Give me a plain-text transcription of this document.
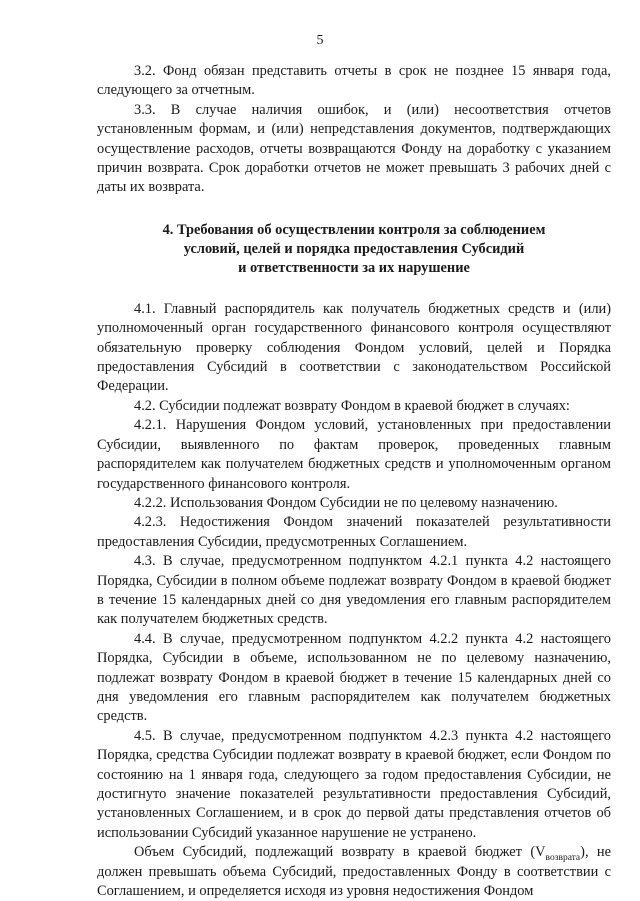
5

3.2. Фонд обязан представить отчеты в срок не позднее 15 января года, следующего за отчетным.

3.3. В случае наличия ошибок, и (или) несоответствия отчетов установленным формам, и (или) непредставления документов, подтверждающих осуществление расходов, отчеты возвращаются Фонду на доработку с указанием причин возврата. Срок доработки отчетов не может превышать 3 рабочих дней с даты их возврата.

4. Требования об осуществлении контроля за соблюдением
условий, целей и порядка предоставления Субсидий
и ответственности за их нарушение

4.1. Главный распорядитель как получатель бюджетных средств и (или) уполномоченный орган государственного финансового контроля осуществляют обязательную проверку соблюдения Фондом условий, целей и Порядка предоставления Субсидий в соответствии с законодательством Российской Федерации.

4.2. Субсидии подлежат возврату Фондом в краевой бюджет в случаях:

4.2.1. Нарушения Фондом условий, установленных при предоставлении Субсидии, выявленного по фактам проверок, проведенных главным распорядителем как получателем бюджетных средств и уполномоченным органом государственного финансового контроля.

4.2.2. Использования Фондом Субсидии не по целевому назначению.

4.2.3. Недостижения Фондом значений показателей результативности предоставления Субсидии, предусмотренных Соглашением.

4.3. В случае, предусмотренном подпунктом 4.2.1 пункта 4.2 настоящего Порядка, Субсидии в полном объеме подлежат возврату Фондом в краевой бюджет в течение 15 календарных дней со дня уведомления его главным распорядителем как получателем бюджетных средств.

4.4. В случае, предусмотренном подпунктом 4.2.2 пункта 4.2 настоящего Порядка, Субсидии в объеме, использованном не по целевому назначению, подлежат возврату Фондом в краевой бюджет в течение 15 календарных дней со дня уведомления его главным распорядителем как получателем бюджетных средств.

4.5. В случае, предусмотренном подпунктом 4.2.3 пункта 4.2 настоящего Порядка, средства Субсидии подлежат возврату в краевой бюджет, если Фондом по состоянию на 1 января года, следующего за годом предоставления Субсидии, не достигнуто значение показателей результативности предоставления Субсидий, установленных Соглашением, и в срок до первой даты представления отчетов об использовании Субсидий указанное нарушение не устранено.

Объем Субсидий, подлежащий возврату в краевой бюджет $(V_{возврата})$, не должен превышать объема Субсидий, предоставленных Фонду в соответствии с Соглашением, и определяется исходя из уровня недостижения Фондом
